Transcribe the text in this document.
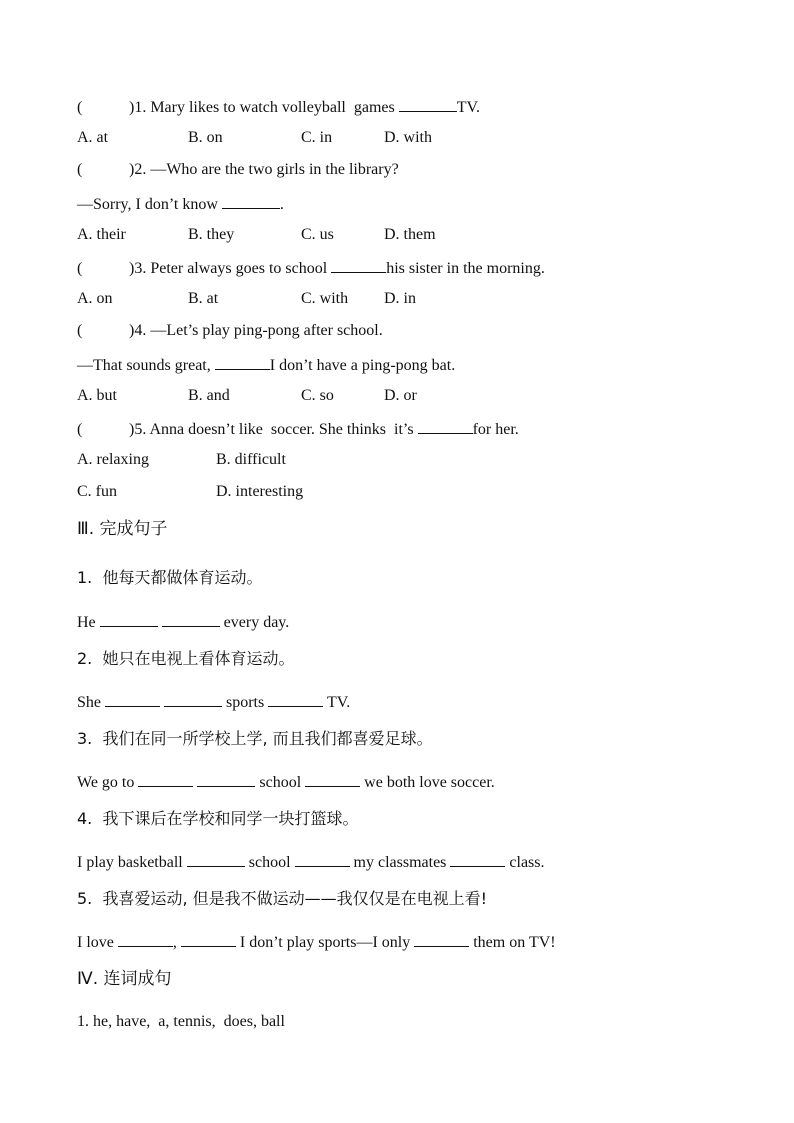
(	)1. Mary likes to watch volleyball  games	TV.
A. at	B. on	C. in	D. with
(	)2. —Who are the two girls in the library?
—Sorry, I don’t know	.
A. their	B. they	C. us	D. them
(	)3. Peter always goes to school	his sister in the morning.
A. on	B. at	C. with D. in
(	)4. —Let’s play ping-pong after school.
—That sounds great,	I don’t have a ping-pong bat.
A. but	B. and	C. so	D. or
(	)5. Anna doesn’t like  soccer. She thinks  it’s	for her.
A. relaxing	B. difficult
C. fun	D. interesting
Ⅲ. 完成句子
1.  他每天都做体育运动。
He	every day.
2.  她只在电视上看体育运动。
She	sports	TV.
3.  我们在同一所学校上学, 而且我们都喜爱足球。
We go to	school	we both love soccer.
4.  我下课后在学校和同学一块打篮球。
I play basketball	school	my classmates	class.
5.  我喜爱运动, 但是我不做运动——我仅仅是在电视上看!
I love	,	I don’t play sports—I only	them on TV!
Ⅳ. 连词成句
1. he, have,  a, tennis,  does, ball
